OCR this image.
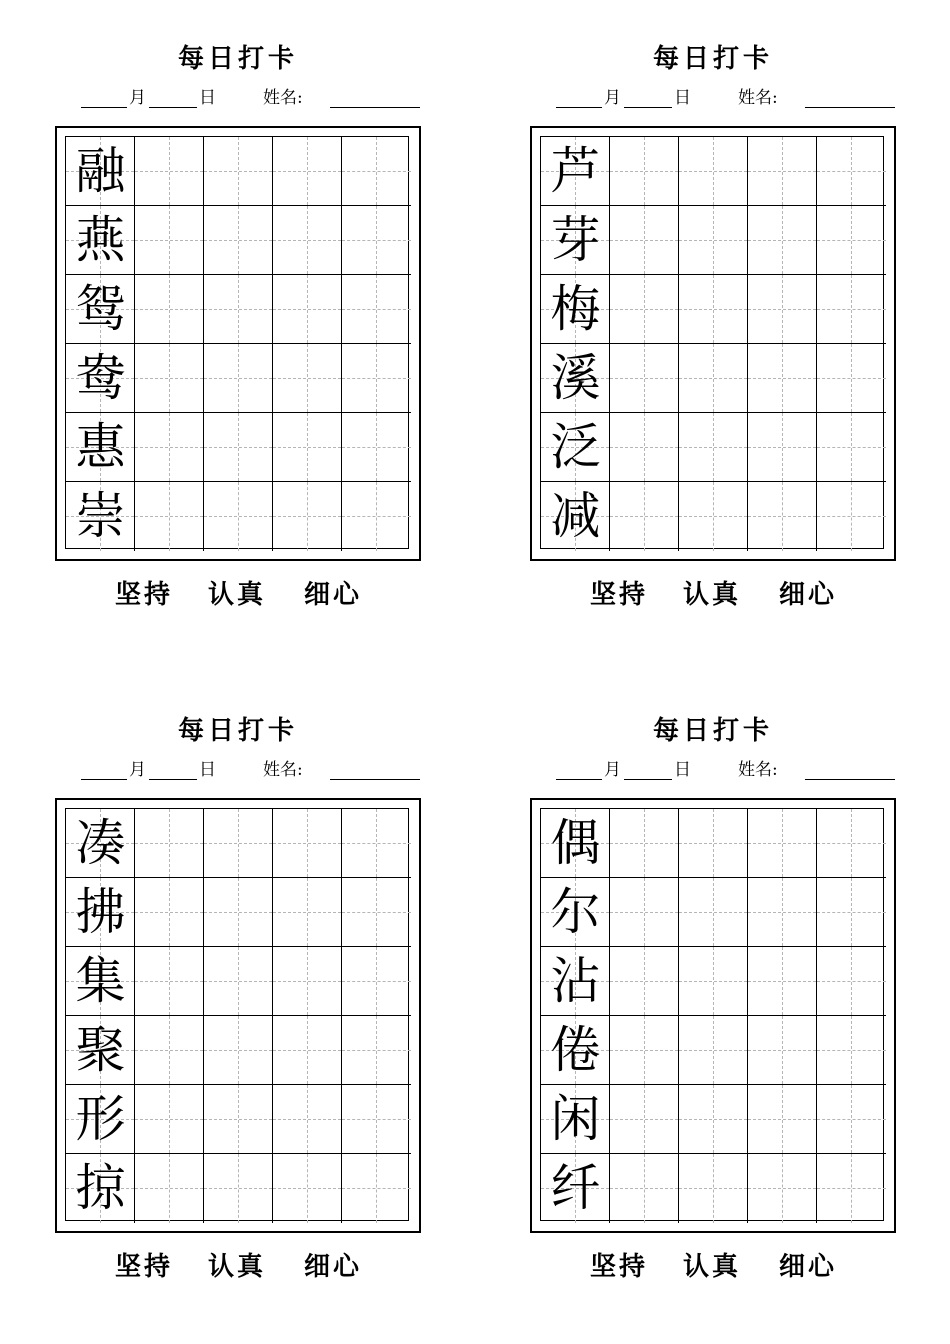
每日打卡
月	日	姓名:
融
燕
鸳
鸯
惠
崇
坚持 认真 细心
每日打卡
月	日	姓名:
芦
芽
梅
溪
泛
减
坚持 认真 细心
每日打卡
月	日	姓名:
凑
拂
集
聚
形
掠
坚持 认真 细心
每日打卡
月	日	姓名:
偶
尔
沾
倦
闲
纤
坚持 认真 细心
